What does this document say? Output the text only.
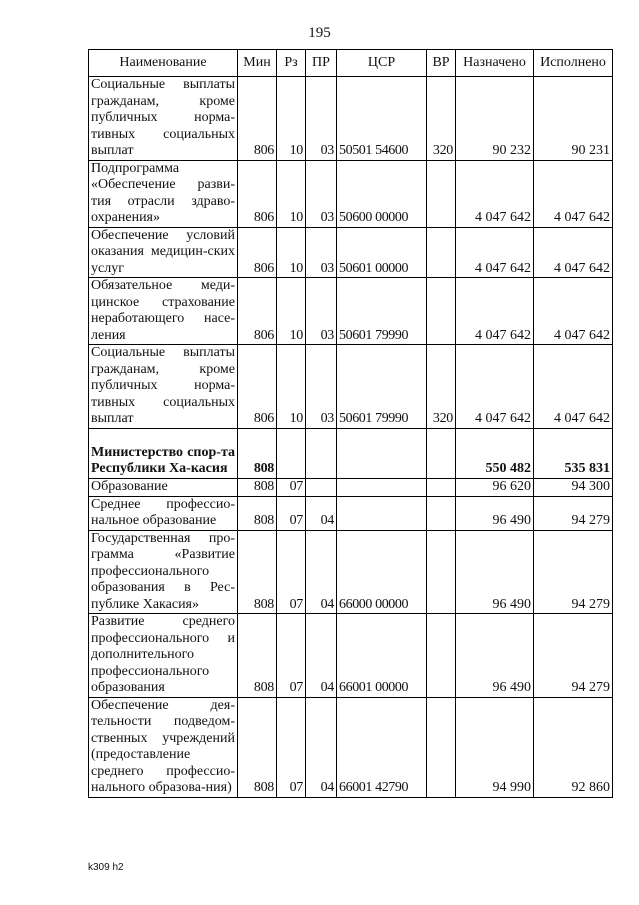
195
Наименование	Мин	Рз	ПР	ЦСР	ВР	Назначено	Исполнено
Социальные выплаты гражданам, кроме публичных норма-тивных социальных выплат	806	10	03	50501 54600	320	90 232	90 231
Подпрограмма «Обеспечение разви-тия отрасли здраво-охранения»	806	10	03	50600 00000		4 047 642	4 047 642
Обеспечение условий оказания медицин-ских услуг	806	10	03	50601 00000		4 047 642	4 047 642
Обязательное меди-цинское страхование неработающего насе-ления	806	10	03	50601 79990		4 047 642	4 047 642
Социальные выплаты гражданам, кроме публичных норма-тивных социальных выплат	806	10	03	50601 79990	320	4 047 642	4 047 642
Министерство спор-та Республики Ха-касия	808					550 482	535 831
Образование	808	07				96 620	94 300
Среднее профессио-нальное образование	808	07	04			96 490	94 279
Государственная про-грамма «Развитие профессионального образования в Рес-публике Хакасия»	808	07	04	66000 00000		96 490	94 279
Развитие среднего профессионального и дополнительного профессионального образования	808	07	04	66001 00000		96 490	94 279
Обеспечение дея-тельности подведом-ственных учреждений (предоставление среднего профессио-нального образова-ния)	808	07	04	66001 42790		94 990	92 860
k309 h2
